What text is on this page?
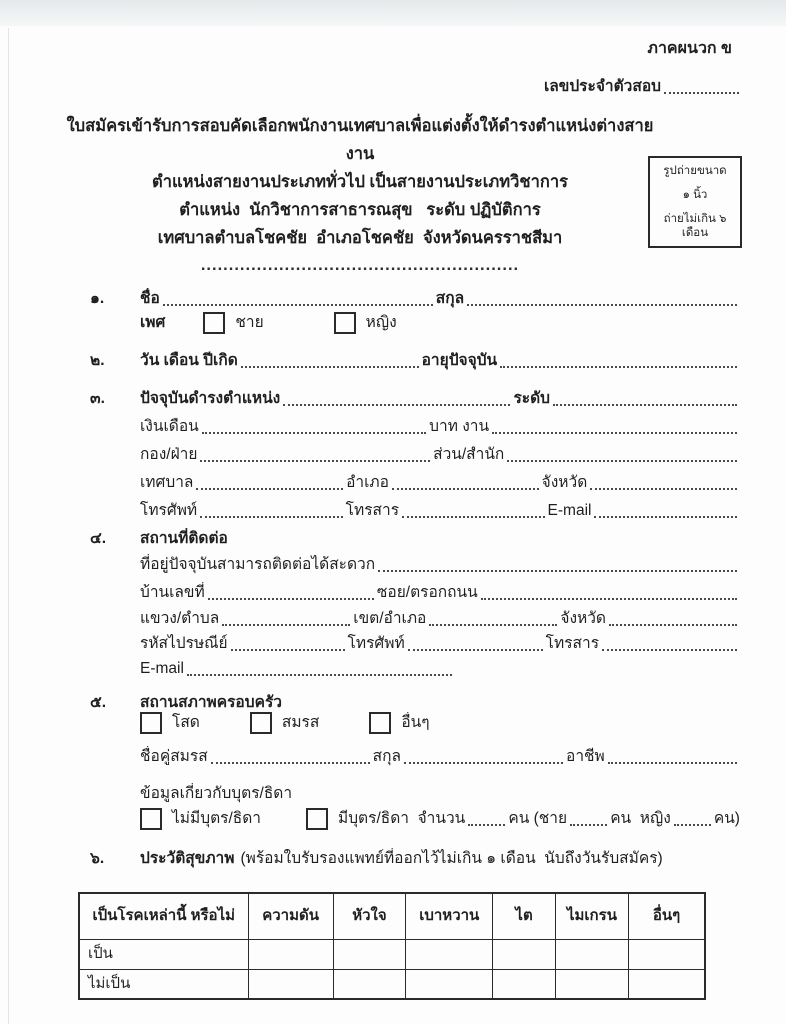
ภาคผนวก ข
เลขประจำตัวสอบ
ใบสมัครเข้ารับการสอบคัดเลือกพนักงานเทศบาลเพื่อแต่งตั้งให้ดำรงตำแหน่งต่างสายงาน
ตำแหน่งสายงานประเภททั่วไป เป็นสายงานประเภทวิชาการ
ตำแหน่ง  นักวิชาการสาธารณสุข   ระดับ ปฏิบัติการ
เทศบาลตำบลโชคชัย  อำเภอโชคชัย  จังหวัดนครราชสีมา
.........................................................
รูปถ่ายขนาด
๑ นิ้ว
ถ่ายไม่เกิน ๖ เดือน
๑.	ชื่อ	สกุล
เพศ	ชาย	หญิง
๒.	วัน เดือน ปีเกิด	อายุปัจจุบัน
๓.	ปัจจุบันดำรงตำแหน่ง	ระดับ
เงินเดือน	บาท งาน
กอง/ฝ่าย	ส่วน/สำนัก
เทศบาล	อำเภอ	จังหวัด
โทรศัพท์	โทรสาร	E-mail
๔.	สถานที่ติดต่อ
ที่อยู่ปัจจุบันสามารถติดต่อได้สะดวก
บ้านเลขที่	ซอย/ตรอกถนน
แขวง/ตำบล	เขต/อำเภอ	จังหวัด
รหัสไปรษณีย์	โทรศัพท์	โทรสาร
E-mail
๕.	สถานสภาพครอบครัว
โสด	สมรส	อื่นๆ
ชื่อคู่สมรส	สกุล	อาชีพ
ข้อมูลเกี่ยวกับบุตร/ธิดา
ไม่มีบุตร/ธิดา	มีบุตร/ธิดา  จำนวน	คน (ชาย	คน  หญิง	คน)
๖.	ประวัติสุขภาพ (พร้อมใบรับรองแพทย์ที่ออกไว้ไม่เกิน ๑ เดือน  นับถึงวันรับสมัคร)
เป็นโรคเหล่านี้ หรือไม่	ความดัน	หัวใจ	เบาหวาน	ไต	ไมเกรน	อื่นๆ
เป็น						
ไม่เป็น						
